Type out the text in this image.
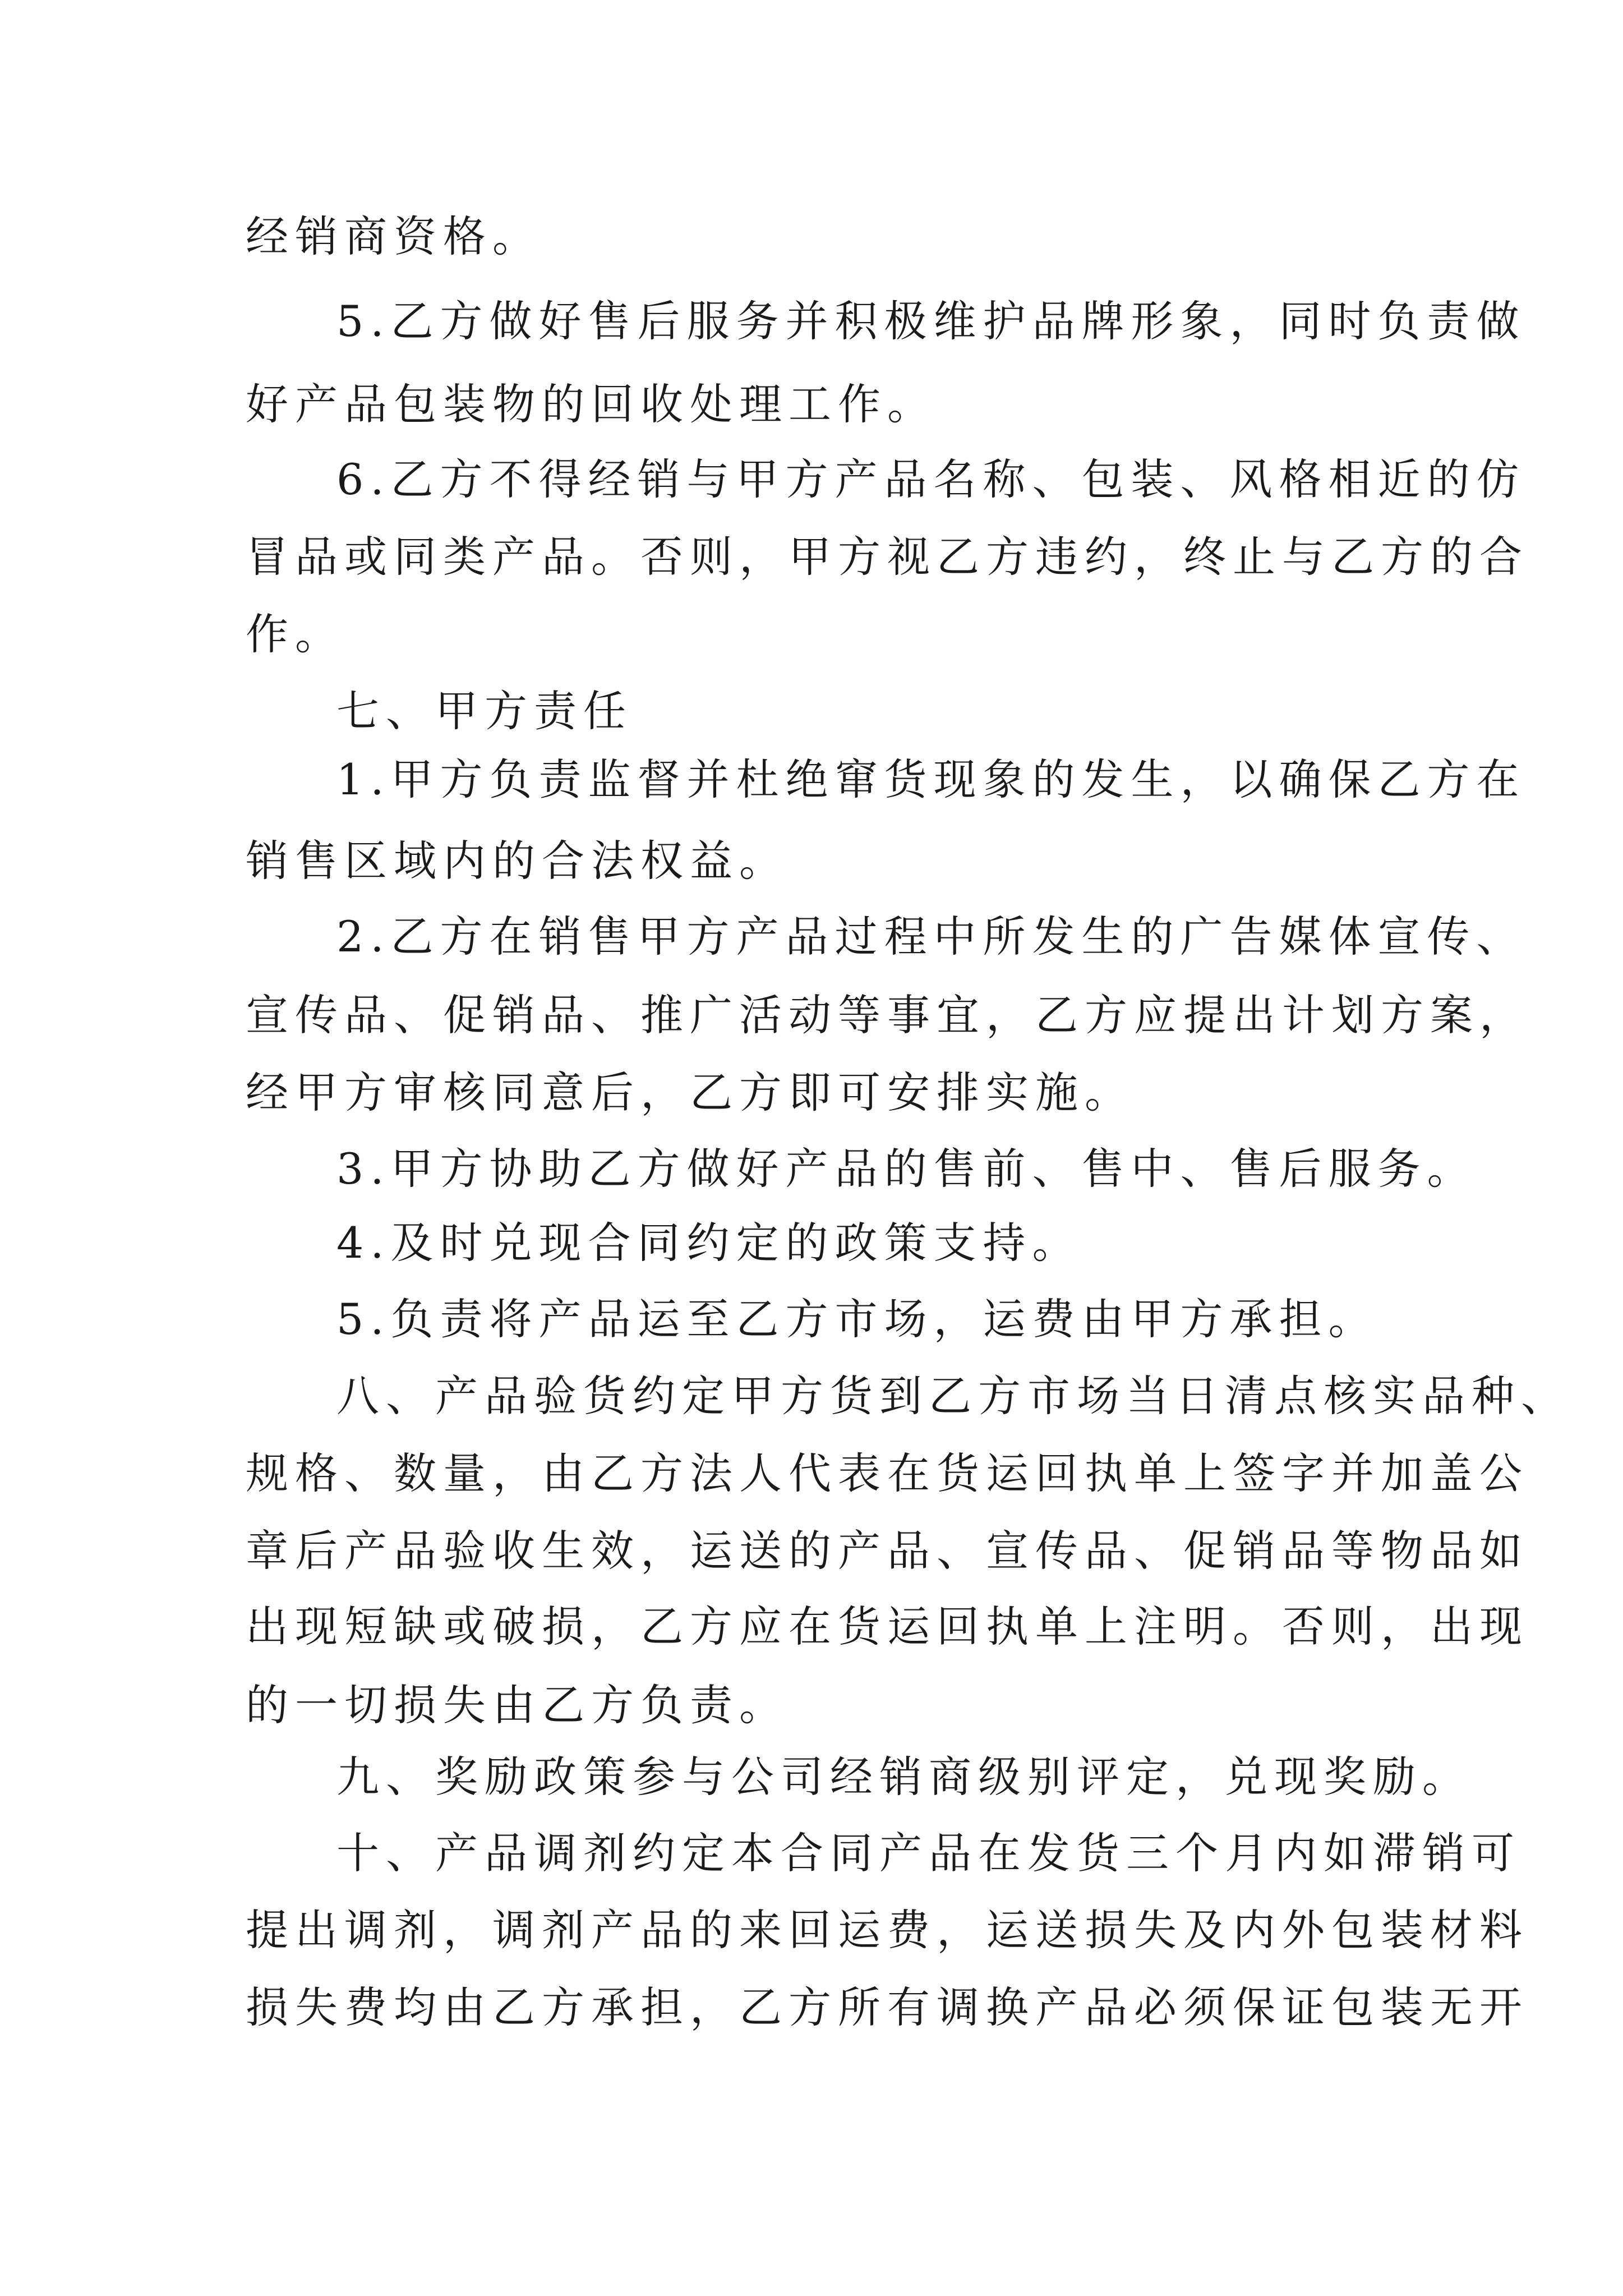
经销商资格。
5.乙方做好售后服务并积极维护品牌形象，同时负责做
好产品包装物的回收处理工作。
6.乙方不得经销与甲方产品名称、包装、风格相近的仿
冒品或同类产品。否则，甲方视乙方违约，终止与乙方的合
作。
七、甲方责任
1.甲方负责监督并杜绝窜货现象的发生，以确保乙方在
销售区域内的合法权益。
2.乙方在销售甲方产品过程中所发生的广告媒体宣传、
宣传品、促销品、推广活动等事宜，乙方应提出计划方案，
经甲方审核同意后，乙方即可安排实施。
3.甲方协助乙方做好产品的售前、售中、售后服务。
4.及时兑现合同约定的政策支持。
5.负责将产品运至乙方市场，运费由甲方承担。
八、产品验货约定甲方货到乙方市场当日清点核实品种、
规格、数量，由乙方法人代表在货运回执单上签字并加盖公
章后产品验收生效，运送的产品、宣传品、促销品等物品如
出现短缺或破损，乙方应在货运回执单上注明。否则，出现
的一切损失由乙方负责。
九、奖励政策参与公司经销商级别评定，兑现奖励。
十、产品调剂约定本合同产品在发货三个月内如滞销可
提出调剂，调剂产品的来回运费，运送损失及内外包装材料
损失费均由乙方承担，乙方所有调换产品必须保证包装无开
